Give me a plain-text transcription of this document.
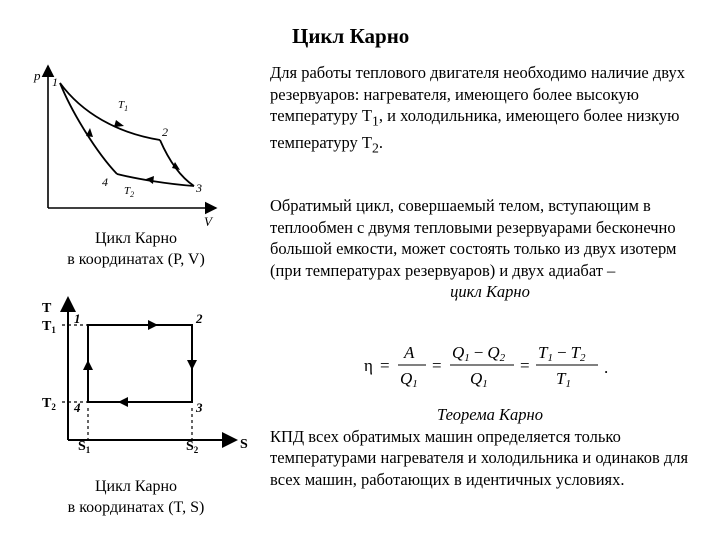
Цикл Карно
p
V
1
2
3
4
$T_1$
$T_2$
Цикл Карно
в координатах (P, V)
T
$T_1$
$T_2$
S
$S_1$	$S_2$
1	2
3
4
Цикл Карно
в координатах (T, S)

Для работы теплового двигателя необходимо наличие двух резервуаров: нагревателя, имеющего более высокую температуру $Т_1$, и холодильника, имеющего более низкую температуру $Т_2$.

Обратимый цикл, совершаемый телом, вступающим в теплообмен с двумя тепловыми резервуарами бесконечно большой емкости, может состоять только из двух изотерм (при температурах резервуаров) и двух адиабат –
цикл Карно

η =
A
Q1
=
Q1 − Q2
Q1
=
T1 − T2
T1
.
Теорема Карно
КПД всех обратимых машин определяется только температурами нагревателя и холодильника и одинаков для всех машин, работающих в идентичных условиях.
